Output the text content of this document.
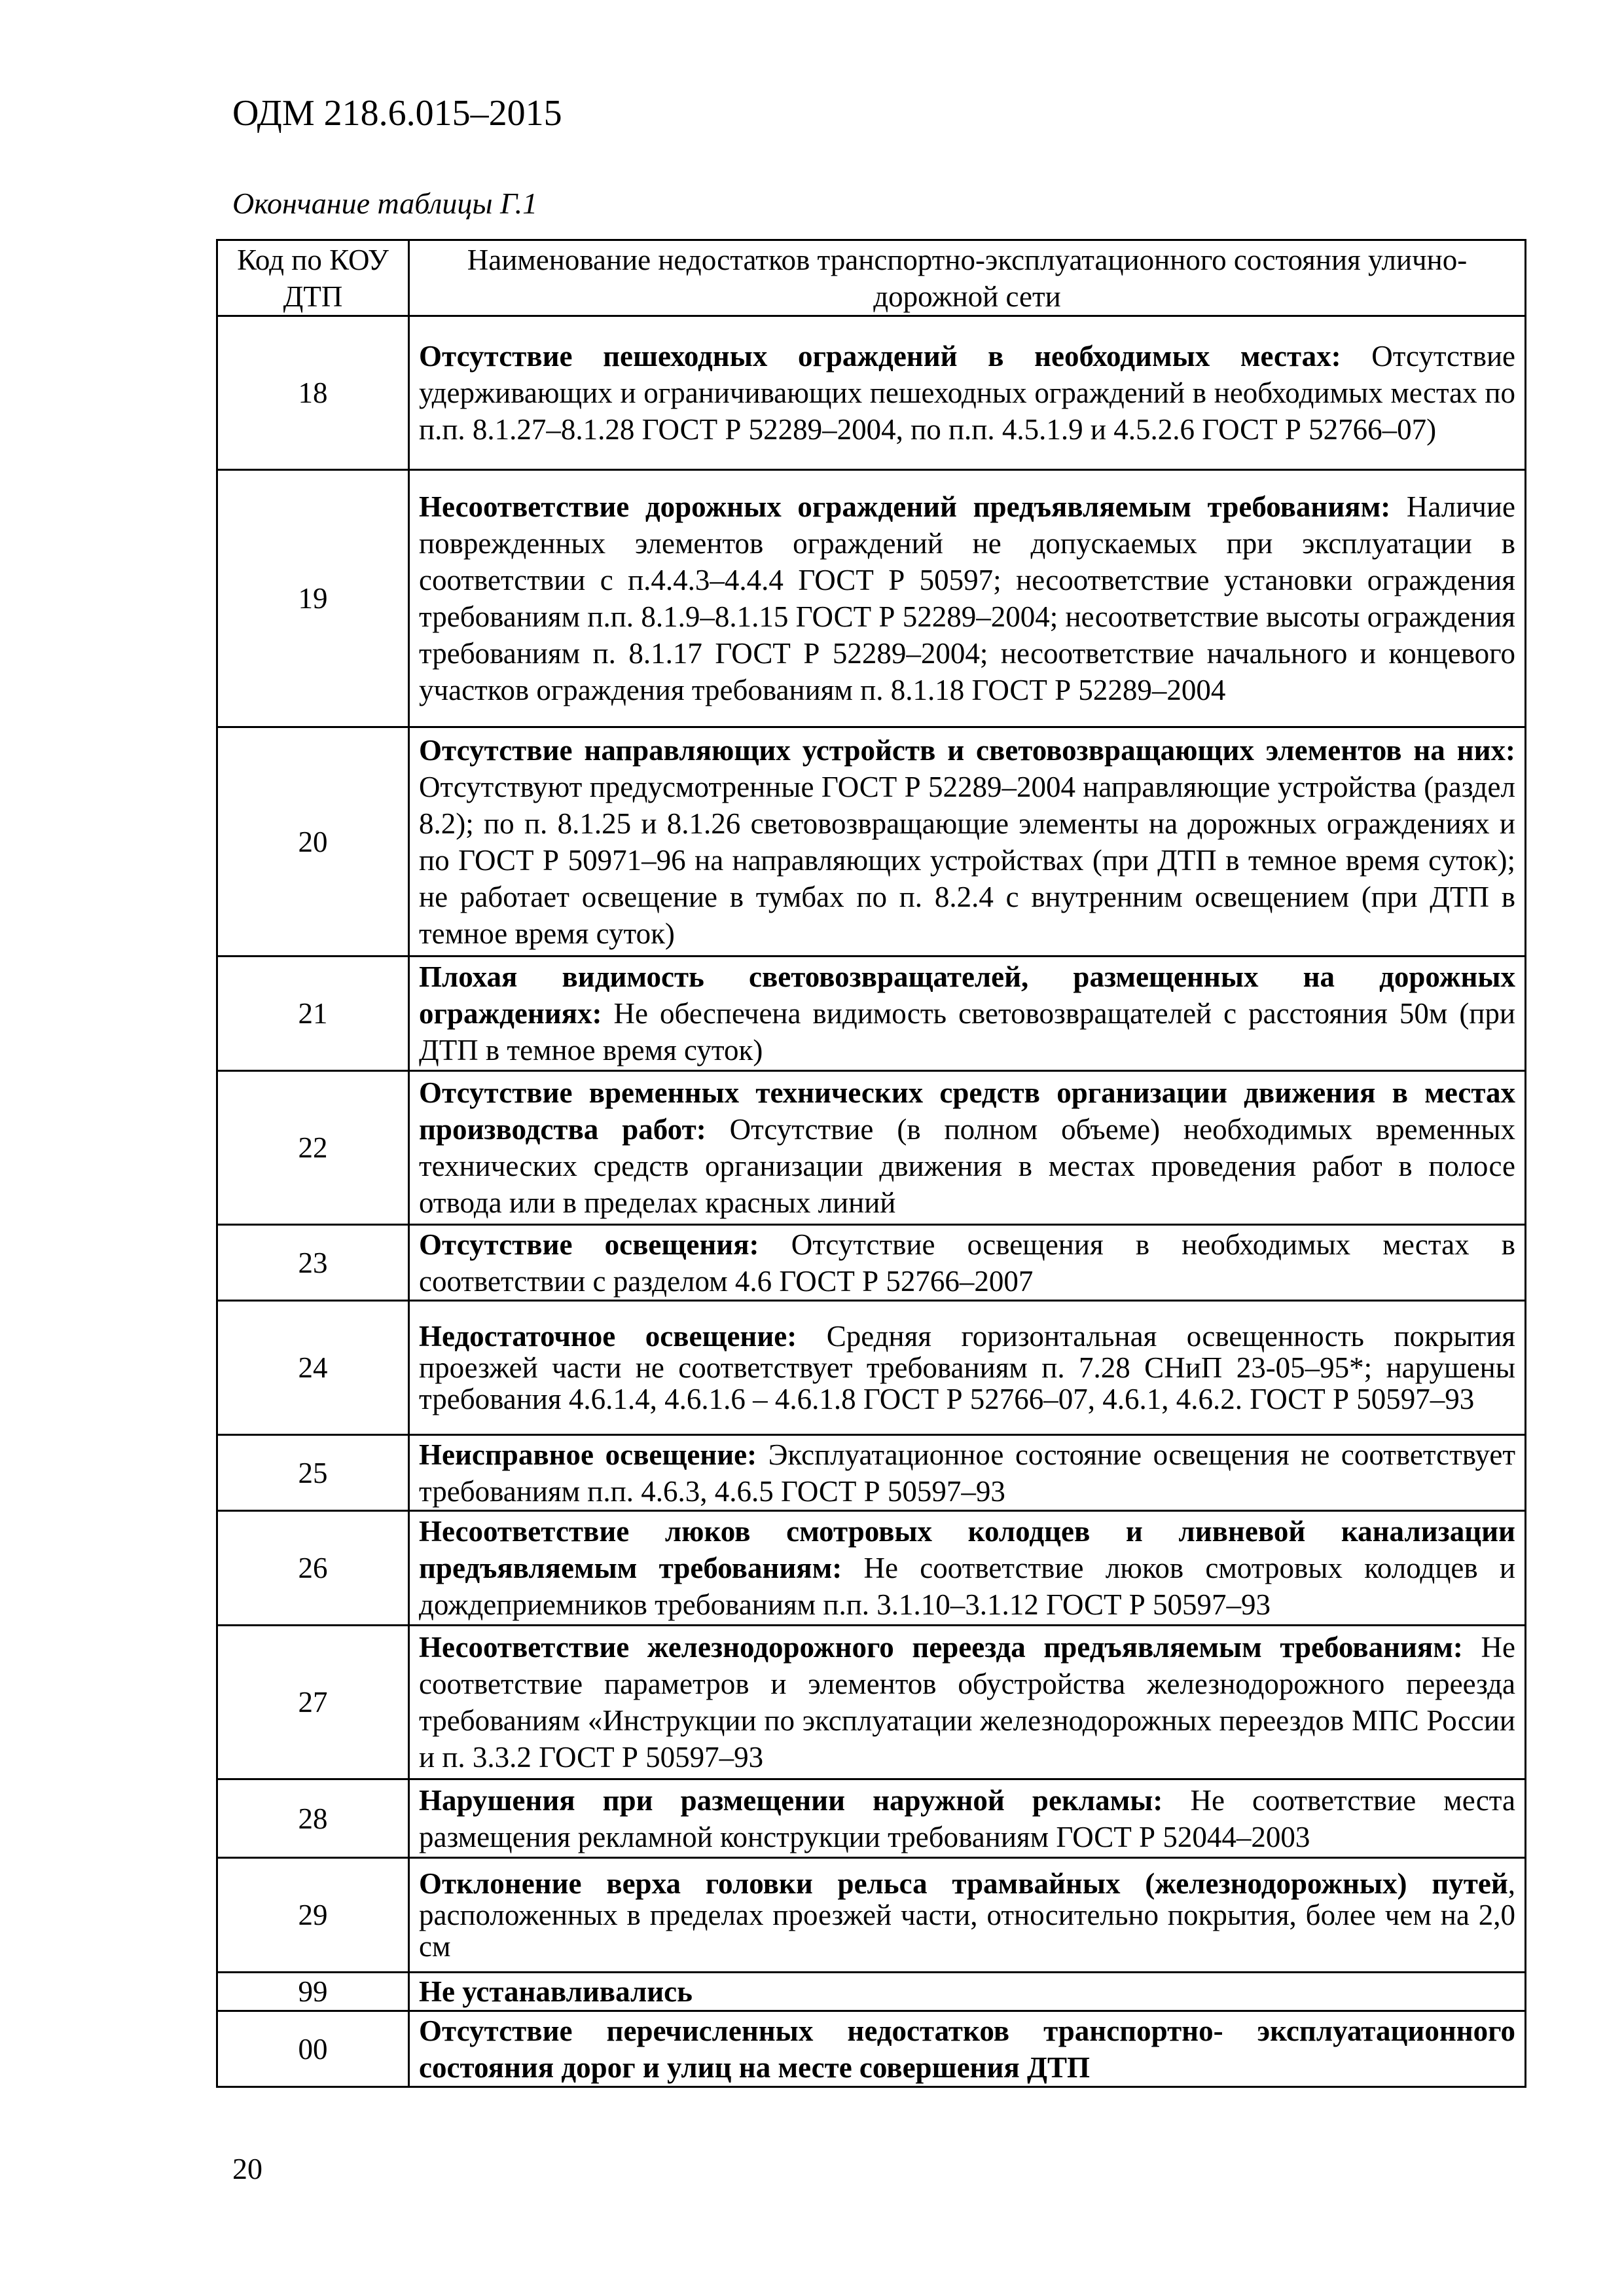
ОДМ 218.6.015–2015
Окончание таблицы Г.1
Код по КОУ ДТП	Наименование недостатков транспортно-эксплуатационного состояния улично-дорожной сети
18	Отсутствие пешеходных ограждений в необходимых местах: Отсутствие удерживающих и ограничивающих пешеходных ограждений в необходимых местах по п.п. 8.1.27–8.1.28 ГОСТ Р 52289–2004, по п.п. 4.5.1.9 и 4.5.2.6 ГОСТ Р 52766–07)
19	Несоответствие дорожных ограждений предъявляемым требованиям: Наличие поврежденных элементов ограждений не допускаемых при эксплуатации в соответствии с п.4.4.3–4.4.4 ГОСТ Р 50597; несоответствие установки ограждения требованиям п.п. 8.1.9–8.1.15 ГОСТ Р 52289–2004; несоответствие высоты ограждения требованиям п. 8.1.17 ГОСТ Р 52289–2004; несоответствие начального и концевого участков ограждения требованиям п. 8.1.18 ГОСТ Р 52289–2004
20	Отсутствие направляющих устройств и световозвращающих элементов на них: Отсутствуют предусмотренные ГОСТ Р 52289–2004 направляющие устройства (раздел 8.2); по п. 8.1.25 и 8.1.26 световозвращающие элементы на дорожных ограждениях и по ГОСТ Р 50971–96 на направляющих устройствах (при ДТП в темное время суток); не работает освещение в тумбах по п. 8.2.4 с внутренним освещением (при ДТП в темное время суток)
21	Плохая видимость световозвращателей, размещенных на дорожных ограждениях: Не обеспечена видимость световозвращателей с расстояния 50м (при ДТП в темное время суток)
22	Отсутствие временных технических средств организации движения в местах производства работ: Отсутствие (в полном объеме) необходимых временных технических средств организации движения в местах проведения работ в полосе отвода или в пределах красных линий
23	Отсутствие освещения: Отсутствие освещения в необходимых местах в соответствии с разделом 4.6 ГОСТ Р 52766–2007
24	Недостаточное освещение: Средняя горизонтальная освещенность покрытия проезжей части не соответствует требованиям п. 7.28 СНиП 23-05–95*; нарушены требования 4.6.1.4, 4.6.1.6 – 4.6.1.8 ГОСТ Р 52766–07, 4.6.1, 4.6.2. ГОСТ Р 50597–93
25	Неисправное освещение: Эксплуатационное состояние освещения не соответствует требованиям п.п. 4.6.3, 4.6.5 ГОСТ Р 50597–93
26	Несоответствие люков смотровых колодцев и ливневой канализации предъявляемым требованиям: Не соответствие люков смотровых колодцев и дождеприемников требованиям п.п. 3.1.10–3.1.12 ГОСТ Р 50597–93
27	Несоответствие железнодорожного переезда предъявляемым требованиям: Не соответствие параметров и элементов обустройства железнодорожного переезда требованиям «Инструкции по эксплуатации железнодорожных переездов МПС России и п. 3.3.2 ГОСТ Р 50597–93
28	Нарушения при размещении наружной рекламы: Не соответствие места размещения рекламной конструкции требованиям ГОСТ Р 52044–2003
29	Отклонение верха головки рельса трамвайных (железнодорожных) путей, расположенных в пределах проезжей части, относительно покрытия, более чем на 2,0 см
99	Не устанавливались
00	Отсутствие перечисленных недостатков транспортно- эксплуатационного состояния дорог и улиц на месте совершения ДТП
20
